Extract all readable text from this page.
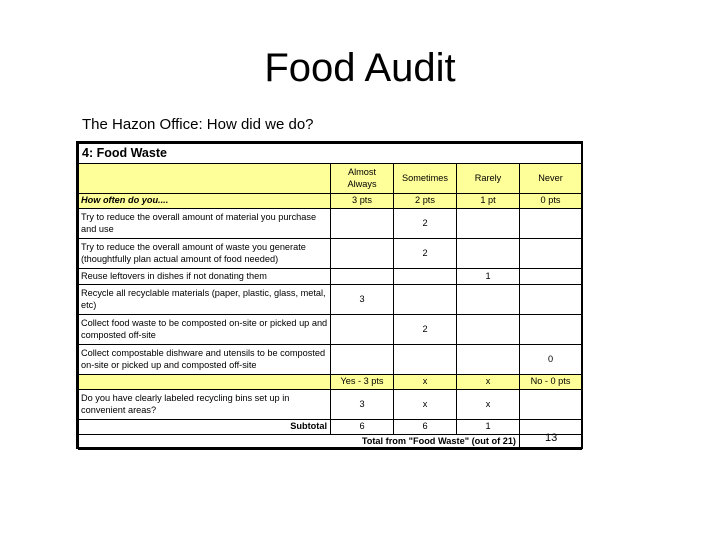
Food Audit
The Hazon Office: How did we do?
4: Food Waste				
	Almost Always	Sometimes	Rarely	Never
How often do you....	3 pts	2 pts	1 pt	0 pts
Try to reduce the overall amount of material you purchase and use		2		
Try to reduce the overall amount of waste you generate (thoughtfully plan actual amount of food needed)		2		
Reuse leftovers in dishes if not donating them			1	
Recycle all recyclable materials (paper, plastic, glass, metal, etc)	3			
Collect food waste to be composted on-site or picked up and composted off-site		2		
Collect compostable dishware and utensils to be composted on-site or picked up and composted off-site				0
	Yes - 3 pts	x	x	No - 0 pts
Do you have clearly labeled recycling bins set up in convenient areas?	3	x	x	
Subtotal	6	6	1	
Total from "Food Waste" (out of 21)					13
